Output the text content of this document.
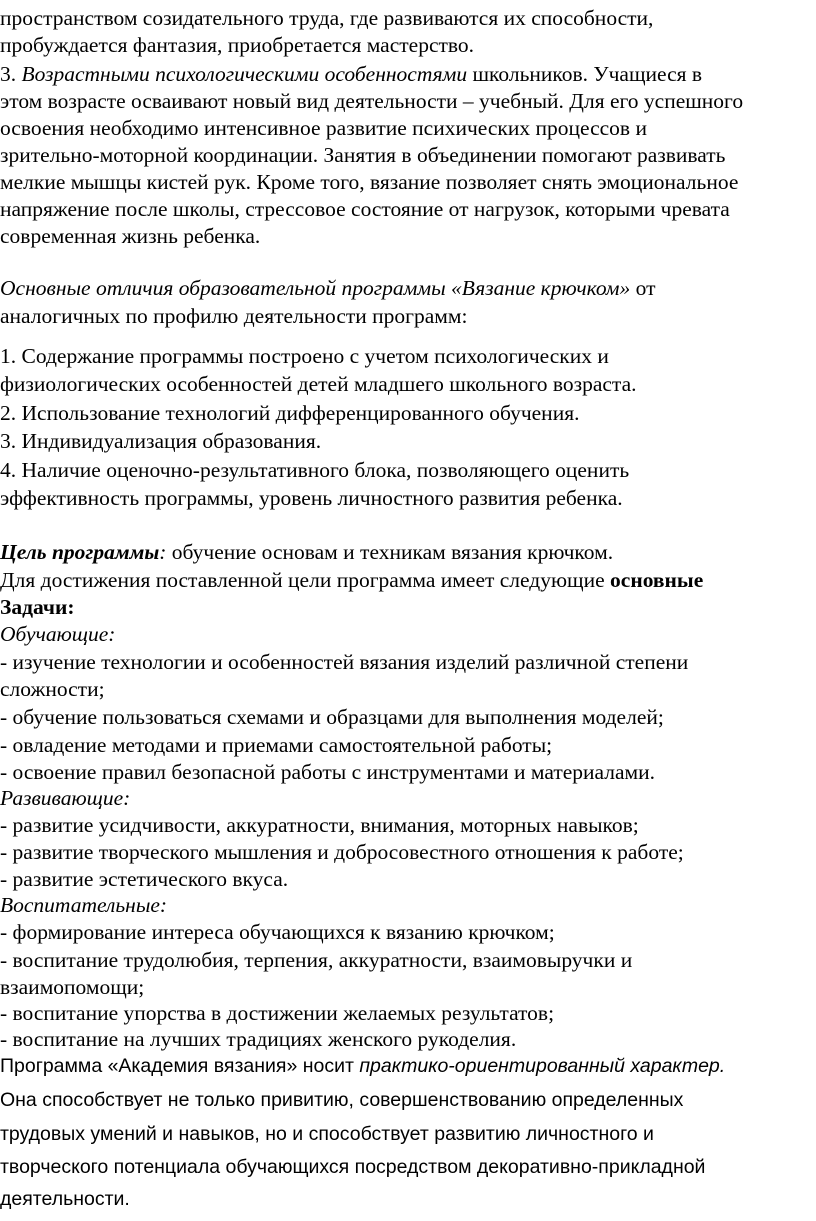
пространством созидательного труда, где развиваются их способности,
пробуждается фантазия, приобретается мастерство.
3. Возрастными психологическими особенностями школьников. Учащиеся в
этом возрасте осваивают новый вид деятельности – учебный. Для его успешного
освоения необходимо интенсивное развитие психических процессов и
зрительно-моторной координации. Занятия в объединении помогают развивать
мелкие мышцы кистей рук. Кроме того, вязание позволяет снять эмоциональное
напряжение после школы, стрессовое состояние от нагрузок, которыми чревата
современная жизнь ребенка.
Основные отличия образовательной программы «Вязание крючком» от
аналогичных по профилю деятельности программ:
1. Содержание программы построено с учетом психологических и
физиологических особенностей детей младшего школьного возраста.
2. Использование технологий дифференцированного обучения.
3. Индивидуализация образования.
4. Наличие оценочно-результативного блока, позволяющего оценить
эффективность программы, уровень личностного развития ребенка.
Цель программы: обучение основам и техникам вязания крючком.
Для достижения поставленной цели программа имеет следующие основные
Задачи:
Обучающие:
- изучение технологии и особенностей вязания изделий различной степени
сложности;
- обучение пользоваться схемами и образцами для выполнения моделей;
- овладение методами и приемами самостоятельной работы;
- освоение правил безопасной работы с инструментами и материалами.
Развивающие:
- развитие усидчивости, аккуратности, внимания, моторных навыков;
- развитие творческого мышления и добросовестного отношения к работе;
- развитие эстетического вкуса.
Воспитательные:
- формирование интереса обучающихся к вязанию крючком;
- воспитание трудолюбия, терпения, аккуратности, взаимовыручки и
взаимопомощи;
- воспитание упорства в достижении желаемых результатов;
- воспитание на лучших традициях женского рукоделия.
Программа «Академия вязания» носит практико-ориентированный характер.
Она способствует не только привитию, совершенствованию определенных
трудовых умений и навыков, но и способствует развитию личностного и
творческого потенциала обучающихся посредством декоративно-прикладной
деятельности.
